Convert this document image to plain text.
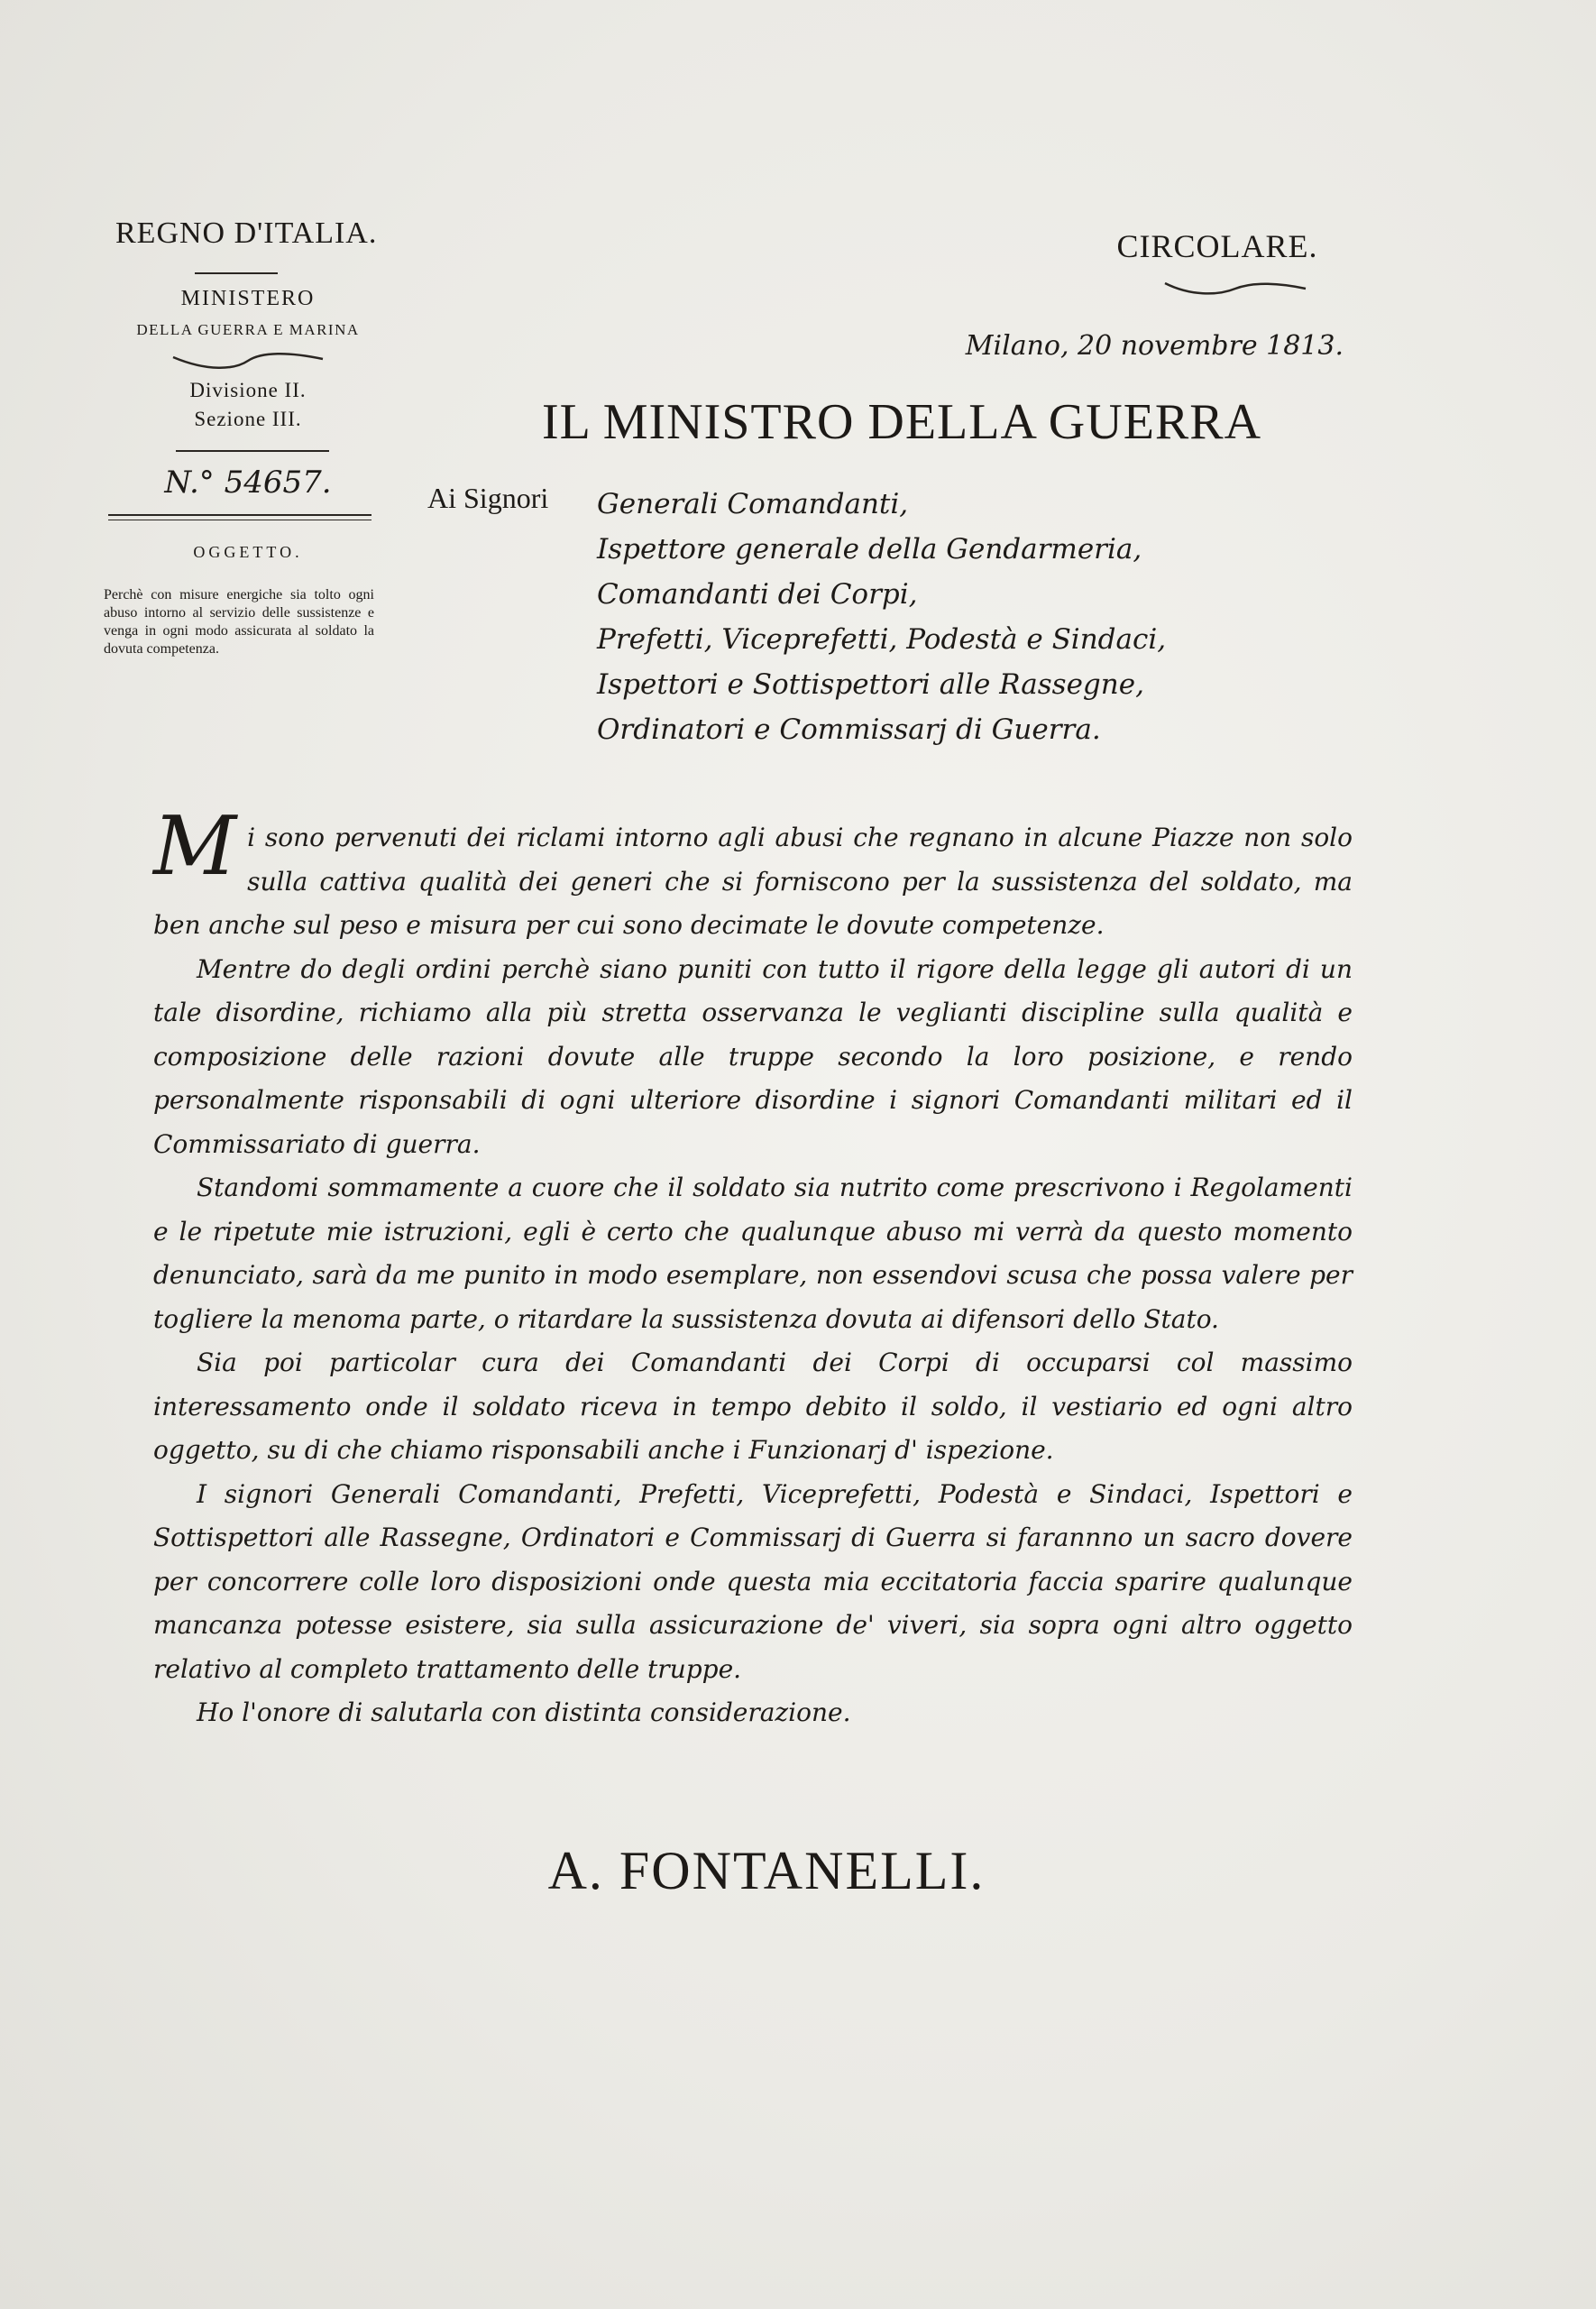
REGNO D'ITALIA.
MINISTERO
DELLA GUERRA E MARINA
Divisione II.
Sezione III.
N.° 54657.
OGGETTO.
Perchè con misure energiche sia tolto ogni abuso intorno al servizio delle sussistenze e venga in ogni modo assicurata al soldato la dovuta competenza.
CIRCOLARE.
Milano, 20 novembre 1813.
IL MINISTRO DELLA GUERRA
Ai Signori Generali Comandanti,
Ispettore generale della Gendarmeria,
Comandanti dei Corpi,
Prefetti, Viceprefetti, Podestà e Sindaci,
Ispettori e Sottispettori alle Rassegne,
Ordinatori e Commissarj di Guerra.

Mi sono pervenuti dei riclami intorno agli abusi che regnano in alcune Piazze non solo sulla cattiva qualità dei generi che si forniscono per la sussistenza del soldato, ma ben anche sul peso e misura per cui sono decimate le dovute competenze.

Mentre do degli ordini perchè siano puniti con tutto il rigore della legge gli autori di un tale disordine, richiamo alla più stretta osservanza le veglianti discipline sulla qualità e composizione delle razioni dovute alle truppe secondo la loro posizione, e rendo personalmente risponsabili di ogni ulteriore disordine i signori Comandanti militari ed il Commissariato di guerra.

Standomi sommamente a cuore che il soldato sia nutrito come prescrivono i Regolamenti e le ripetute mie istruzioni, egli è certo che qualunque abuso mi verrà da questo momento denunciato, sarà da me punito in modo esemplare, non essendovi scusa che possa valere per togliere la menoma parte, o ritardare la sussistenza dovuta ai difensori dello Stato.

Sia poi particolar cura dei Comandanti dei Corpi di occuparsi col massimo interessamento onde il soldato riceva in tempo debito il soldo, il vestiario ed ogni altro oggetto, su di che chiamo risponsabili anche i Funzionarj d' ispezione.

I signori Generali Comandanti, Prefetti, Viceprefetti, Podestà e Sindaci, Ispettori e Sottispettori alle Rassegne, Ordinatori e Commissarj di Guerra si farannno un sacro dovere per concorrere colle loro disposizioni onde questa mia eccitatoria faccia sparire qualunque mancanza potesse esistere, sia sulla assicurazione de' viveri, sia sopra ogni altro oggetto relativo al completo trattamento delle truppe.

Ho l'onore di salutarla con distinta considerazione.

A. FONTANELLI.
